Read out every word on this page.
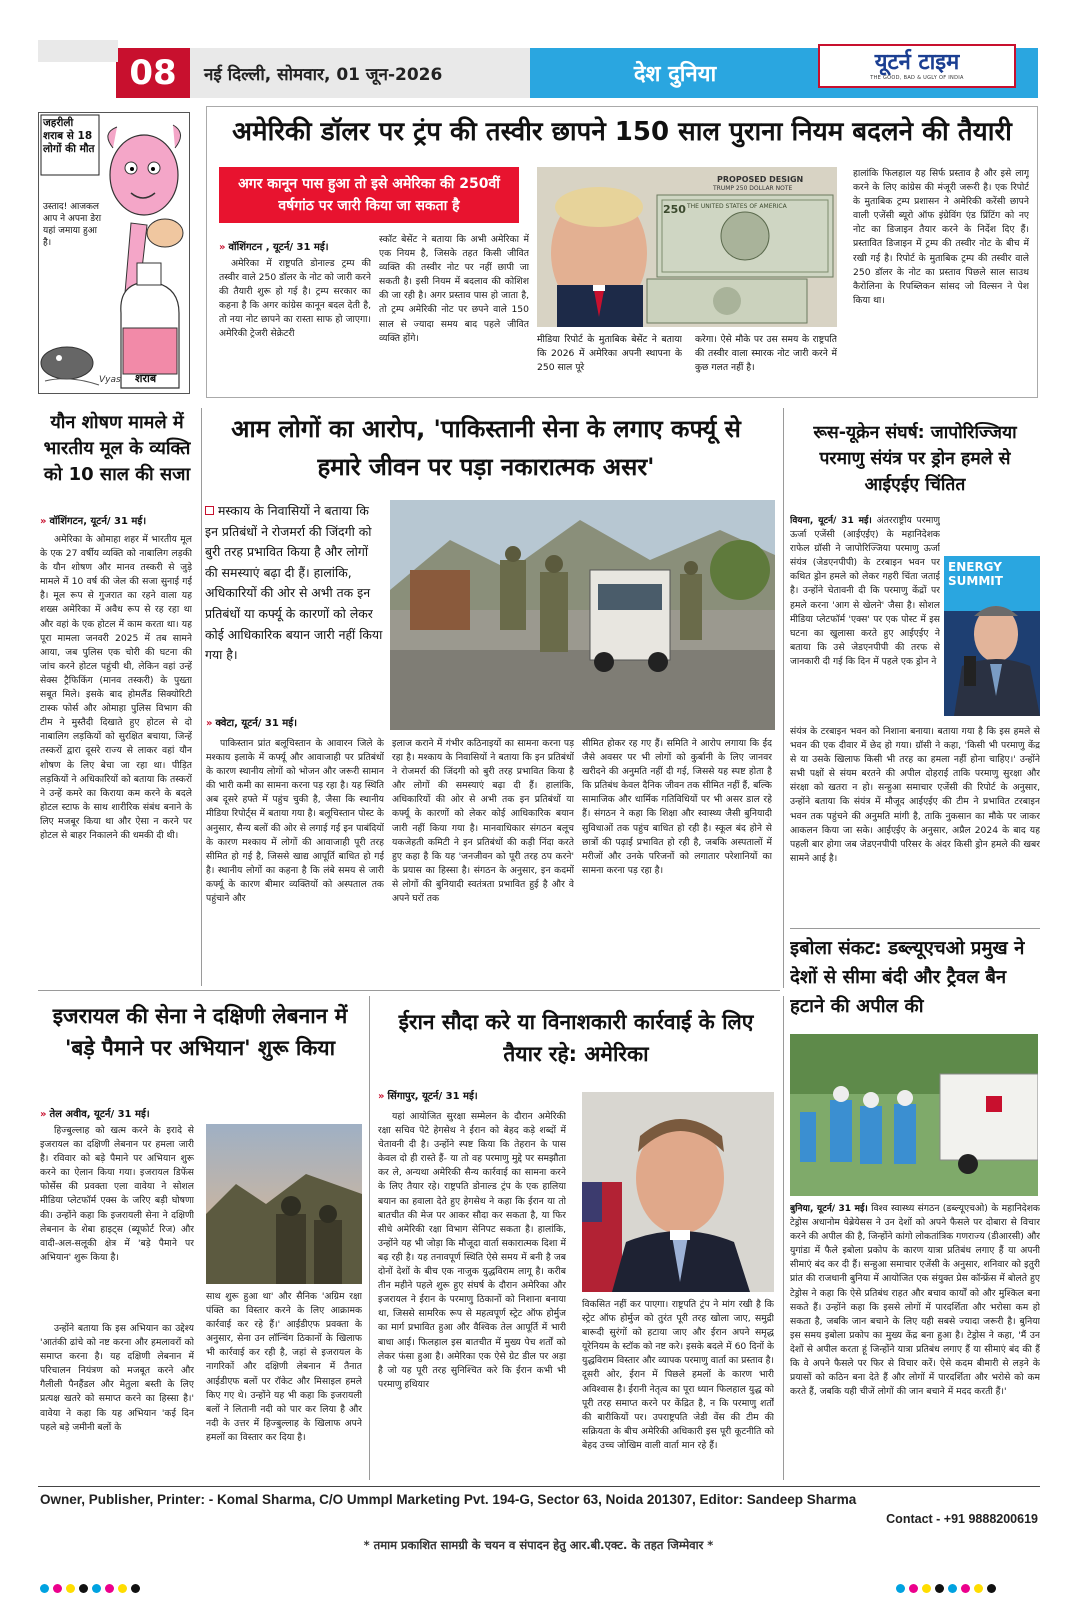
08	नई दिल्ली, सोमवार, 01 जून-2026	देश दुनिया	यूटर्न टाइम
THE GOOD, BAD & UGLY OF INDIA
जहरीली शराब से 18 लोगों की मौत
उस्ताद! आजकल आप ने अपना डेरा यहां जमाया हुआ है।
शराब
Vyas
अमेरिकी डॉलर पर ट्रंप की तस्वीर छापने 150 साल पुराना नियम बदलने की तैयारी
अगर कानून पास हुआ तो इसे अमेरिका की 250वीं वर्षगांठ पर जारी किया जा सकता है
» वॉशिंगटन , यूटर्न/ 31 मई।
अमेरिका में राष्ट्रपति डोनाल्ड ट्रम्प की तस्वीर वाले 250 डॉलर के नोट को जारी करने की तैयारी शुरू हो गई है। ट्रम्प सरकार का कहना है कि अगर कांग्रेस कानून बदल देती है, तो नया नोट छापने का रास्ता साफ हो जाएगा। अमेरिकी ट्रेजरी सेक्रेटरी
स्कॉट बेसेंट ने बताया कि अभी अमेरिका में एक नियम है, जिसके तहत किसी जीवित व्यक्ति की तस्वीर नोट पर नहीं छापी जा सकती है। इसी नियम में बदलाव की कोशिश की जा रही है। अगर प्रस्ताव पास हो जाता है, तो ट्रम्प अमेरिकी नोट पर छपने वाले 150 साल से ज्यादा समय बाद पहले जीवित व्यक्ति होंगे।
PROPOSED DESIGN
TRUMP 250 DOLLAR NOTE
THE UNITED STATES OF AMERICA
250
मीडिया रिपोर्ट के मुताबिक बेसेंट ने बताया कि 2026 में अमेरिका अपनी स्थापना के 250 साल पूरे
करेगा। ऐसे मौके पर उस समय के राष्ट्रपति की तस्वीर वाला स्मारक नोट जारी करने में कुछ गलत नहीं है।
हालांकि फिलहाल यह सिर्फ प्रस्ताव है और इसे लागू करने के लिए कांग्रेस की मंजूरी जरूरी है। एक रिपोर्ट के मुताबिक ट्रम्प प्रशासन ने अमेरिकी करेंसी छापने वाली एजेंसी ब्यूरो ऑफ इंग्रेविंग एंड प्रिंटिंग को नए नोट का डिजाइन तैयार करने के निर्देश दिए हैं। प्रस्तावित डिजाइन में ट्रम्प की तस्वीर नोट के बीच में रखी गई है। रिपोर्ट के मुताबिक ट्रम्प की तस्वीर वाले 250 डॉलर के नोट का प्रस्ताव पिछले साल साउथ कैरोलिना के रिपब्लिकन सांसद जो विल्सन ने पेश किया था।
यौन शोषण मामले में भारतीय मूल के व्यक्ति को 10 साल की सजा
» वॉशिंगटन, यूटर्न/ 31 मई।
अमेरिका के ओमाहा शहर में भारतीय मूल के एक 27 वर्षीय व्यक्ति को नाबालिग लड़की के यौन शोषण और मानव तस्करी से जुड़े मामले में 10 वर्ष की जेल की सजा सुनाई गई है। मूल रूप से गुजरात का रहने वाला यह शख्स अमेरिका में अवैध रूप से रह रहा था और वहां के एक होटल में काम करता था। यह पूरा मामला जनवरी 2025 में तब सामने आया, जब पुलिस एक चोरी की घटना की जांच करने होटल पहुंची थी, लेकिन वहां उन्हें सेक्स ट्रैफिकिंग (मानव तस्करी) के पुख्ता सबूत मिले। इसके बाद होमलैंड सिक्योरिटी टास्क फोर्स और ओमाहा पुलिस विभाग की टीम ने मुस्तैदी दिखाते हुए होटल से दो नाबालिग लड़कियों को सुरक्षित बचाया, जिन्हें तस्करों द्वारा दूसरे राज्य से लाकर वहां यौन शोषण के लिए बेचा जा रहा था। पीड़ित लड़कियों ने अधिकारियों को बताया कि तस्करों ने उन्हें कमरे का किराया कम करने के बदले होटल स्टाफ के साथ शारीरिक संबंध बनाने के लिए मजबूर किया था और ऐसा न करने पर होटल से बाहर निकालने की धमकी दी थी।
आम लोगों का आरोप, 'पाकिस्तानी सेना के लगाए कर्फ्यू से हमारे जीवन पर पड़ा नकारात्मक असर'
मस्काय के निवासियों ने बताया कि इन प्रतिबंधों ने रोजमर्रा की जिंदगी को बुरी तरह प्रभावित किया है और लोगों की समस्याएं बढ़ा दी हैं। हालांकि, अधिकारियों की ओर से अभी तक इन प्रतिबंधों या कर्फ्यू के कारणों को लेकर कोई आधिकारिक बयान जारी नहीं किया गया है।
» क्वेटा, यूटर्न/ 31 मई।
पाकिस्तान प्रांत बलूचिस्तान के आवारन जिले के मश्काय इलाके में कर्फ्यू और आवाजाही पर प्रतिबंधों के कारण स्थानीय लोगों को भोजन और जरूरी सामान की भारी कमी का सामना करना पड़ रहा है। यह स्थिति अब दूसरे हफ्ते में पहुंच चुकी है, जैसा कि स्थानीय मीडिया रिपोर्ट्स में बताया गया है। बलूचिस्तान पोस्ट के अनुसार, सैन्य बलों की ओर से लगाई गई इन पाबंदियों के कारण मश्काय में लोगों की आवाजाही पूरी तरह सीमित हो गई है, जिससे खाद्य आपूर्ति बाधित हो गई है। स्थानीय लोगों का कहना है कि लंबे समय से जारी कर्फ्यू के कारण बीमार व्यक्तियों को अस्पताल तक पहुंचाने और
इलाज कराने में गंभीर कठिनाइयों का सामना करना पड़ रहा है। मश्काय के निवासियों ने बताया कि इन प्रतिबंधों ने रोजमर्रा की जिंदगी को बुरी तरह प्रभावित किया है और लोगों की समस्याएं बढ़ा दी हैं। हालांकि, अधिकारियों की ओर से अभी तक इन प्रतिबंधों या कर्फ्यू के कारणों को लेकर कोई आधिकारिक बयान जारी नहीं किया गया है। मानवाधिकार संगठन बलूच यकजेहती कमिटी ने इन प्रतिबंधों की कड़ी निंदा करते हुए कहा है कि यह 'जनजीवन को पूरी तरह ठप करने' के प्रयास का हिस्सा है। संगठन के अनुसार, इन कदमों से लोगों की बुनियादी स्वतंत्रता प्रभावित हुई है और वे अपने घरों तक
सीमित होकर रह गए हैं। समिति ने आरोप लगाया कि ईद जैसे अवसर पर भी लोगों को कुर्बानी के लिए जानवर खरीदने की अनुमति नहीं दी गई, जिससे यह स्पष्ट होता है कि प्रतिबंध केवल दैनिक जीवन तक सीमित नहीं हैं, बल्कि सामाजिक और धार्मिक गतिविधियों पर भी असर डाल रहे हैं। संगठन ने कहा कि शिक्षा और स्वास्थ्य जैसी बुनियादी सुविधाओं तक पहुंच बाधित हो रही है। स्कूल बंद होने से छात्रों की पढ़ाई प्रभावित हो रही है, जबकि अस्पतालों में मरीजों और उनके परिजनों को लगातार परेशानियों का सामना करना पड़ रहा है।
रूस-यूक्रेन संघर्ष: जापोरिज्जिया परमाणु संयंत्र पर ड्रोन हमले से आईएईए चिंतित
ENERGY SUMMIT
वियना, यूटर्न/ 31 मई। अंतरराष्ट्रीय परमाणु ऊर्जा एजेंसी (आईएईए) के महानिदेशक राफेल ग्रॉसी ने जापोरिज्जिया परमाणु ऊर्जा संयंत्र (जेडएनपीपी) के टरबाइन भवन पर कथित ड्रोन हमले को लेकर गहरी चिंता जताई है। उन्होंने चेतावनी दी कि परमाणु केंद्रों पर हमले करना 'आग से खेलने' जैसा है। सोशल मीडिया प्लेटफॉर्म 'एक्स' पर एक पोस्ट में इस घटना का खुलासा करते हुए आईएईए ने बताया कि उसे जेडएनपीपी की तरफ से जानकारी दी गई कि दिन में पहले एक ड्रोन ने
संयंत्र के टरबाइन भवन को निशाना बनाया। बताया गया है कि इस हमले से भवन की एक दीवार में छेद हो गया। ग्रॉसी ने कहा, 'किसी भी परमाणु केंद्र से या उसके खिलाफ किसी भी तरह का हमला नहीं होना चाहिए।' उन्होंने सभी पक्षों से संयम बरतने की अपील दोहराई ताकि परमाणु सुरक्षा और संरक्षा को खतरा न हो। सन्हुआ समाचार एजेंसी की रिपोर्ट के अनुसार, उन्होंने बताया कि संयंत्र में मौजूद आईएईए की टीम ने प्रभावित टरबाइन भवन तक पहुंचने की अनुमति मांगी है, ताकि नुकसान का मौके पर जाकर आकलन किया जा सके। आईएईए के अनुसार, अप्रैल 2024 के बाद यह पहली बार होगा जब जेडएनपीपी परिसर के अंदर किसी ड्रोन हमले की खबर सामने आई है।
इबोला संकट: डब्ल्यूएचओ प्रमुख ने देशों से सीमा बंदी और ट्रैवल बैन हटाने की अपील की
बुनिया, यूटर्न/ 31 मई। विश्व स्वास्थ्य संगठन (डब्ल्यूएचओ) के महानिदेशक टेड्रोस अधानोम घेब्रेयेसस ने उन देशों को अपने फैसले पर दोबारा से विचार करने की अपील की है, जिन्होंने कांगो लोकतांत्रिक गणराज्य (डीआरसी) और युगांडा में फैले इबोला प्रकोप के कारण यात्रा प्रतिबंध लगाए हैं या अपनी सीमाएं बंद कर दी हैं। सन्हुआ समाचार एजेंसी के अनुसार, शनिवार को इतुरी प्रांत की राजधानी बुनिया में आयोजित एक संयुक्त प्रेस कॉन्फ्रेंस में बोलते हुए टेड्रोस ने कहा कि ऐसे प्रतिबंध राहत और बचाव कार्यों को और मुश्किल बना सकते हैं। उन्होंने कहा कि इससे लोगों में पारदर्शिता और भरोसा कम हो सकता है, जबकि जान बचाने के लिए यही सबसे ज्यादा जरूरी है। बुनिया इस समय इबोला प्रकोप का मुख्य केंद्र बना हुआ है। टेड्रोस ने कहा, 'मैं उन देशों से अपील करता हूं जिन्होंने यात्रा प्रतिबंध लगाए हैं या सीमाएं बंद की हैं कि वे अपने फैसले पर फिर से विचार करें। ऐसे कदम बीमारी से लड़ने के प्रयासों को कठिन बना देते हैं और लोगों में पारदर्शिता और भरोसे को कम करते हैं, जबकि यही चीजें लोगों की जान बचाने में मदद करती हैं।'
इजरायल की सेना ने दक्षिणी लेबनान में 'बड़े पैमाने पर अभियान' शुरू किया
» तेल अवीव, यूटर्न/ 31 मई।
हिज्बुल्लाह को खत्म करने के इरादे से इजरायल का दक्षिणी लेबनान पर हमला जारी है। रविवार को बड़े पैमाने पर अभियान शुरू करने का ऐलान किया गया। इजरायल डिफेंस फोर्सेस की प्रवक्ता एला वावेया ने सोशल मीडिया प्लेटफॉर्म एक्स के जरिए बड़ी घोषणा की। उन्होंने कहा कि इजरायली सेना ने दक्षिणी लेबनान के शेबा हाइट्स (ब्यूफोर्ट रिज) और वादी-अल-सलूकी क्षेत्र में 'बड़े पैमाने पर अभियान' शुरू किया है।
उन्होंने बताया कि इस अभियान का उद्देश्य 'आतंकी ढांचे को नष्ट करना और हमलावरों को समाप्त करना है। यह दक्षिणी लेबनान में परिचालन नियंत्रण को मजबूत करने और गैलीली पैनहैंडल और मेतुला बस्ती के लिए प्रत्यक्ष खतरे को समाप्त करने का हिस्सा है।' वावेया ने कहा कि यह अभियान 'कई दिन पहले बड़े जमीनी बलों के
साथ शुरू हुआ था' और सैनिक 'अग्रिम रक्षा पंक्ति का विस्तार करने के लिए आक्रामक कार्रवाई कर रहे हैं।' आईडीएफ प्रवक्ता के अनुसार, सेना उन लॉन्चिंग ठिकानों के खिलाफ भी कार्रवाई कर रही है, जहां से इजरायल के नागरिकों और दक्षिणी लेबनान में तैनात आईडीएफ बलों पर रॉकेट और मिसाइल हमले किए गए थे। उन्होंने यह भी कहा कि इजरायली बलों ने लितानी नदी को पार कर लिया है और नदी के उत्तर में हिज्बुल्लाह के खिलाफ अपने हमलों का विस्तार कर दिया है।
ईरान सौदा करे या विनाशकारी कार्रवाई के लिए तैयार रहे: अमेरिका
» सिंगापुर, यूटर्न/ 31 मई।
यहां आयोजित सुरक्षा सम्मेलन के दौरान अमेरिकी रक्षा सचिव पेटे हेगसेथ ने ईरान को बेहद कड़े शब्दों में चेतावनी दी है। उन्होंने स्पष्ट किया कि तेहरान के पास केवल दो ही रास्ते हैं- या तो वह परमाणु मुद्दे पर समझौता कर ले, अन्यथा अमेरिकी सैन्य कार्रवाई का सामना करने के लिए तैयार रहे। राष्ट्रपति डोनाल्ड ट्रंप के एक हालिया बयान का हवाला देते हुए हेगसेथ ने कहा कि ईरान या तो बातचीत की मेज पर आकर सौदा कर सकता है, या फिर सीधे अमेरिकी रक्षा विभाग सेनिपट सकता है। हालांकि, उन्होंने यह भी जोड़ा कि मौजूदा वार्ता सकारात्मक दिशा में बढ़ रही है। यह तनावपूर्ण स्थिति ऐसे समय में बनी है जब दोनों देशों के बीच एक नाजुक युद्धविराम लागू है। करीब तीन महीने पहले शुरू हुए संघर्ष के दौरान अमेरिका और इजरायल ने ईरान के परमाणु ठिकानों को निशाना बनाया था, जिससे सामरिक रूप से महत्वपूर्ण स्ट्रेट ऑफ होर्मुज का मार्ग प्रभावित हुआ और वैश्विक तेल आपूर्ति में भारी बाधा आई। फिलहाल इस बातचीत में मुख्य पेच शर्तों को लेकर फंसा हुआ है। अमेरिका एक ऐसे ग्रेट डील पर अड़ा है जो यह पूरी तरह सुनिश्चित करे कि ईरान कभी भी परमाणु हथियार
विकसित नहीं कर पाएगा। राष्ट्रपति ट्रंप ने मांग रखी है कि स्ट्रेट ऑफ होर्मुज को तुरंत पूरी तरह खोला जाए, समुद्री बारूदी सुरंगों को हटाया जाए और ईरान अपने समृद्ध यूरेनियम के स्टॉक को नष्ट करे। इसके बदले में 60 दिनों के युद्धविराम विस्तार और व्यापक परमाणु वार्ता का प्रस्ताव है। दूसरी ओर, ईरान में पिछले हमलों के कारण भारी अविश्वास है। ईरानी नेतृत्व का पूरा ध्यान फिलहाल युद्ध को पूरी तरह समाप्त करने पर केंद्रित है, न कि परमाणु शर्तों की बारीकियों पर। उपराष्ट्रपति जेडी वेंस की टीम की सक्रियता के बीच अमेरिकी अधिकारी इस पूरी कूटनीति को बेहद उच्च जोखिम वाली वार्ता मान रहे हैं।
Owner, Publisher, Printer: - Komal Sharma, C/O Ummpl Marketing Pvt. 194-G, Sector 63, Noida 201307, Editor: Sandeep Sharma
Contact - +91 9888200619
* तमाम प्रकाशित सामग्री के चयन व संपादन हेतु आर.बी.एक्ट. के तहत जिम्मेवार *
